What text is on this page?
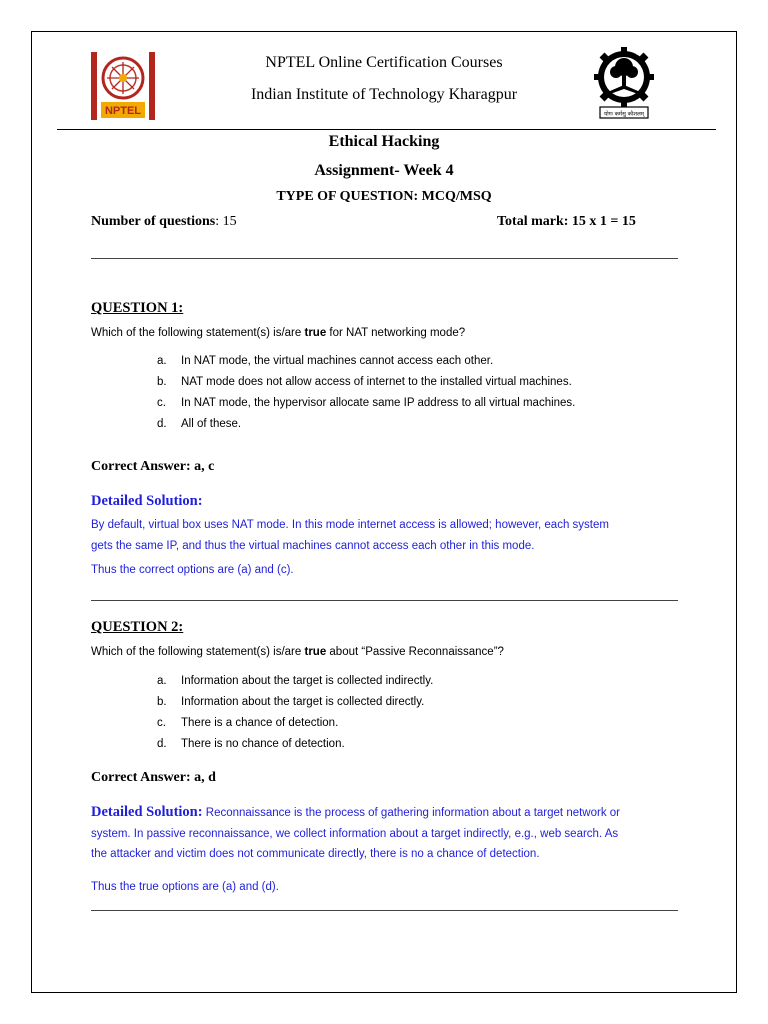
NPTEL	योगः कर्मसु कौशलम्
NPTEL Online Certification Courses
Indian Institute of Technology Kharagpur
Ethical Hacking
Assignment- Week 4
TYPE OF QUESTION: MCQ/MSQ
Number of questions: 15	Total mark: 15 x 1 = 15
QUESTION 1:
Which of the following statement(s) is/are true for NAT networking mode?
a. In NAT mode, the virtual machines cannot access each other.
b. NAT mode does not allow access of internet to the installed virtual machines.
c. In NAT mode, the hypervisor allocate same IP address to all virtual machines.
d. All of these.
Correct Answer: a, c
Detailed Solution:
By default, virtual box uses NAT mode. In this mode internet access is allowed; however, each system
gets the same IP, and thus the virtual machines cannot access each other in this mode.
Thus the correct options are (a) and (c).
QUESTION 2:
Which of the following statement(s) is/are true about “Passive Reconnaissance”?
a. Information about the target is collected indirectly.
b. Information about the target is collected directly.
c. There is a chance of detection.
d. There is no chance of detection.
Correct Answer: a, d
Detailed Solution: Reconnaissance is the process of gathering information about a target network or
system. In passive reconnaissance, we collect information about a target indirectly, e.g., web search. As
the attacker and victim does not communicate directly, there is no a chance of detection.
Thus the true options are (a) and (d).
